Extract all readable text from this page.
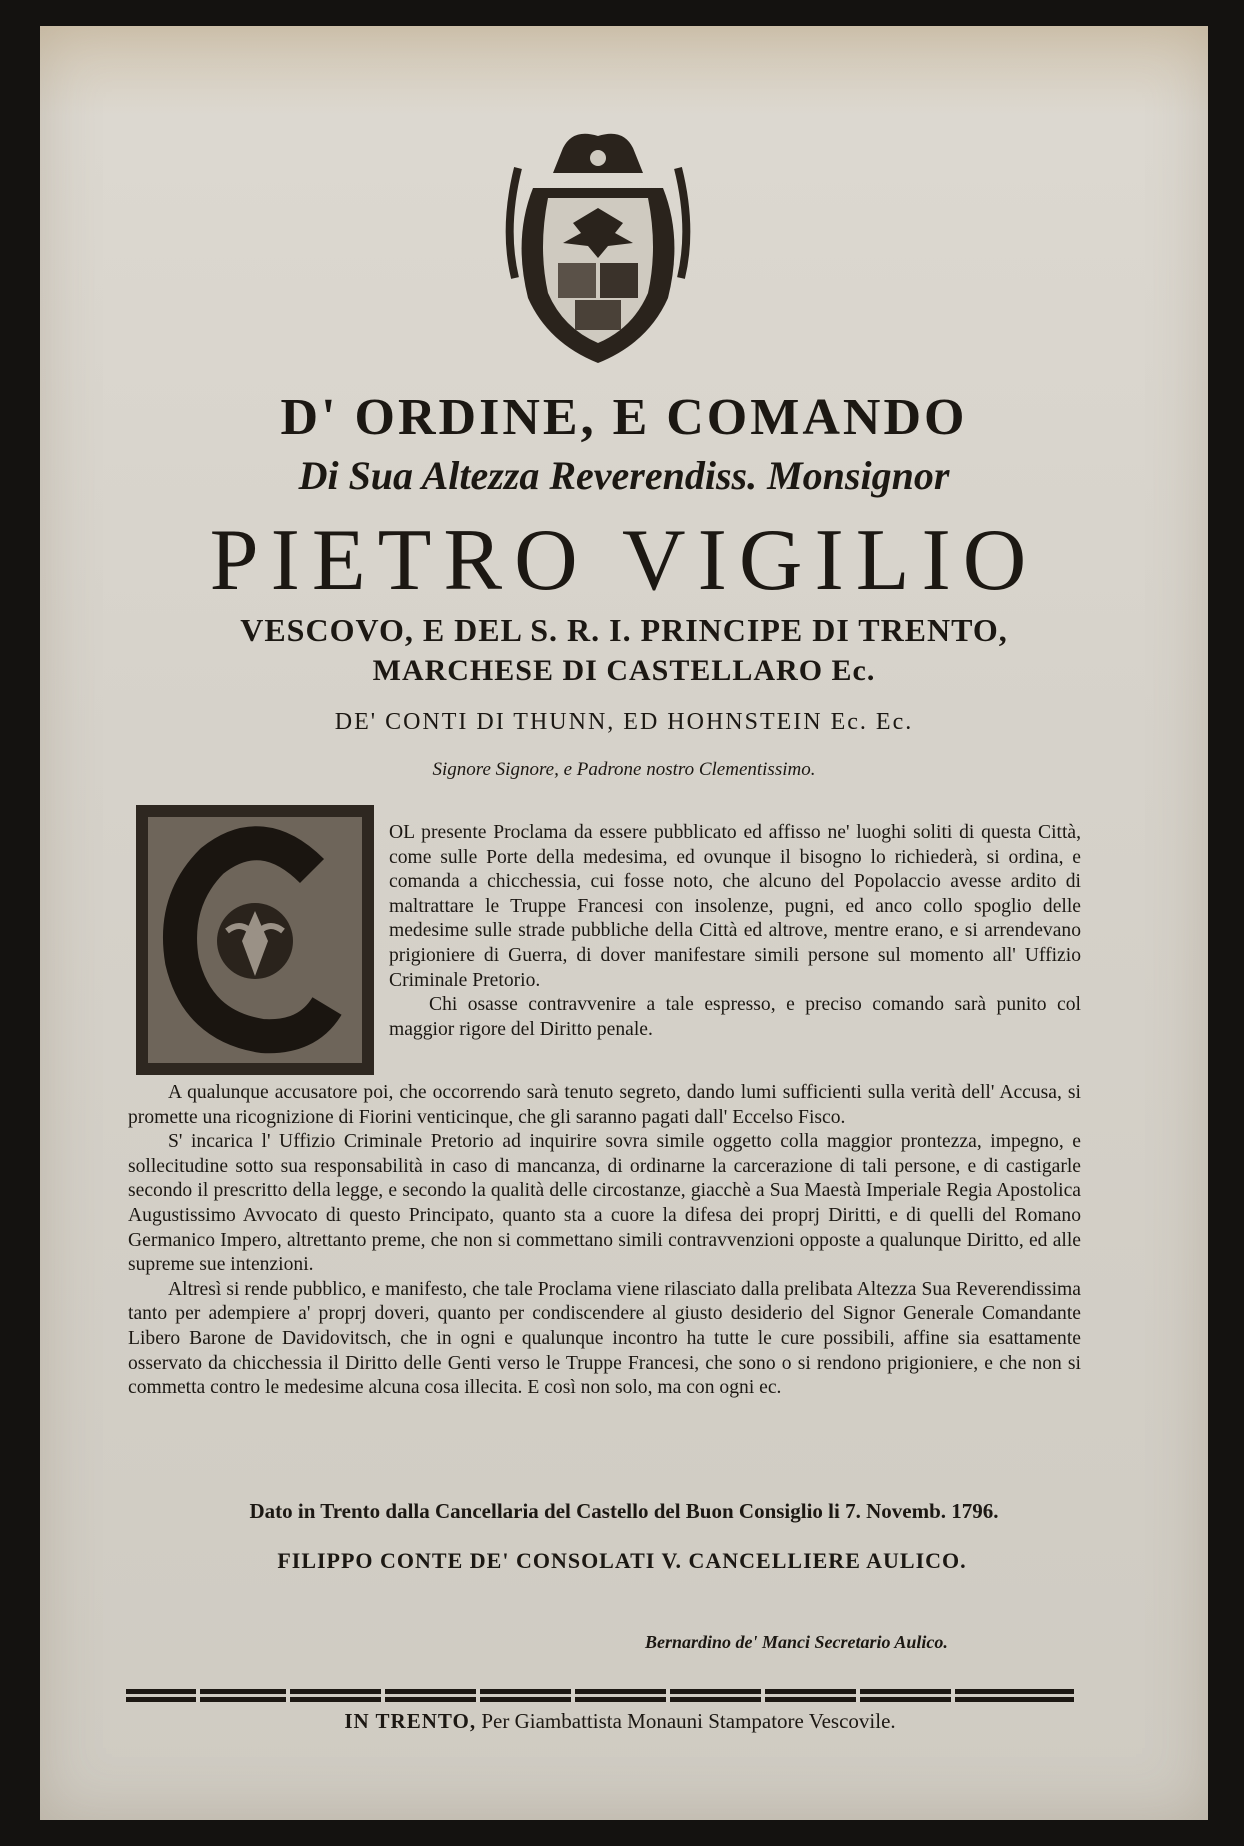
D' ORDINE, E COMANDO
Di Sua Altezza Reverendiss. Monsignor
PIETRO VIGILIO
VESCOVO, E DEL S. R. I. PRINCIPE DI TRENTO,
MARCHESE DI CASTELLARO Ec.
DE' CONTI DI THUNN, ED HOHNSTEIN Ec. Ec.
Signore Signore, e Padrone nostro Clementissimo.

OL presente Proclama da essere pubblicato ed affisso ne' luoghi soliti di questa Città, come sulle Porte della medesima, ed ovunque il bisogno lo richiederà, si ordina, e comanda a chicchessia, cui fosse noto, che alcuno del Popolaccio avesse ardito di maltrattare le Truppe Francesi con insolenze, pugni, ed anco collo spoglio delle medesime sulle strade pubbliche della Città ed altrove, mentre erano, e si arrendevano prigioniere di Guerra, di dover manifestare simili persone sul momento all' Uffizio Criminale Pretorio.

Chi osasse contravvenire a tale espresso, e preciso comando sarà punito col maggior rigore del Diritto penale.

A qualunque accusatore poi, che occorrendo sarà tenuto segreto, dando lumi sufficienti sulla verità dell' Accusa, si promette una ricognizione di Fiorini venticinque, che gli saranno pagati dall' Eccelso Fisco.

S' incarica l' Uffizio Criminale Pretorio ad inquirire sovra simile oggetto colla maggior prontezza, impegno, e sollecitudine sotto sua responsabilità in caso di mancanza, di ordinarne la carcerazione di tali persone, e di castigarle secondo il prescritto della legge, e secondo la qualità delle circostanze, giacchè a Sua Maestà Imperiale Regia Apostolica Augustissimo Avvocato di questo Principato, quanto sta a cuore la difesa dei proprj Diritti, e di quelli del Romano Germanico Impero, altrettanto preme, che non si commettano simili contravvenzioni opposte a qualunque Diritto, ed alle supreme sue intenzioni.

Altresì si rende pubblico, e manifesto, che tale Proclama viene rilasciato dalla prelibata Altezza Sua Reverendissima tanto per adempiere a' proprj doveri, quanto per condiscendere al giusto desiderio del Signor Generale Comandante Libero Barone de Davidovitsch, che in ogni e qualunque incontro ha tutte le cure possibili, affine sia esattamente osservato da chicchessia il Diritto delle Genti verso le Truppe Francesi, che sono o si rendono prigioniere, e che non si commetta contro le medesime alcuna cosa illecita. E così non solo, ma con ogni ec.

Dato in Trento dalla Cancellaria del Castello del Buon Consiglio li 7. Novemb. 1796.
FILIPPO CONTE DE' CONSOLATI V. CANCELLIERE AULICO.
Bernardino de' Manci Secretario Aulico.
IN TRENTO, Per Giambattista Monauni Stampatore Vescovile.
